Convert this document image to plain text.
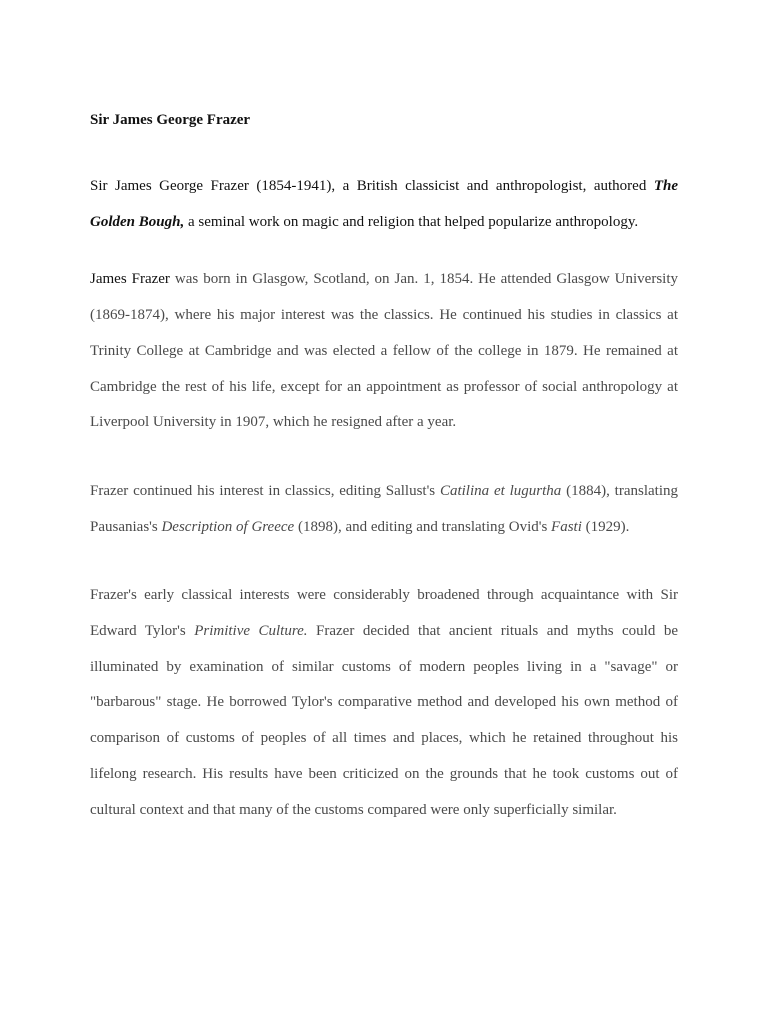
Sir James George Frazer

Sir James George Frazer (1854-1941), a British classicist and anthropologist, authored The Golden Bough, a seminal work on magic and religion that helped popularize anthropology.

James Frazer was born in Glasgow, Scotland, on Jan. 1, 1854. He attended Glasgow University (1869-1874), where his major interest was the classics. He continued his studies in classics at Trinity College at Cambridge and was elected a fellow of the college in 1879. He remained at Cambridge the rest of his life, except for an appointment as professor of social anthropology at Liverpool University in 1907, which he resigned after a year.

Frazer continued his interest in classics, editing Sallust's Catilina et lugurtha (1884), translating Pausanias's Description of Greece (1898), and editing and translating Ovid's Fasti (1929).

Frazer's early classical interests were considerably broadened through acquaintance with Sir Edward Tylor's Primitive Culture. Frazer decided that ancient rituals and myths could be illuminated by examination of similar customs of modern peoples living in a "savage" or "barbarous" stage. He borrowed Tylor's comparative method and developed his own method of comparison of customs of peoples of all times and places, which he retained throughout his lifelong research. His results have been criticized on the grounds that he took customs out of cultural context and that many of the customs compared were only superficially similar.
